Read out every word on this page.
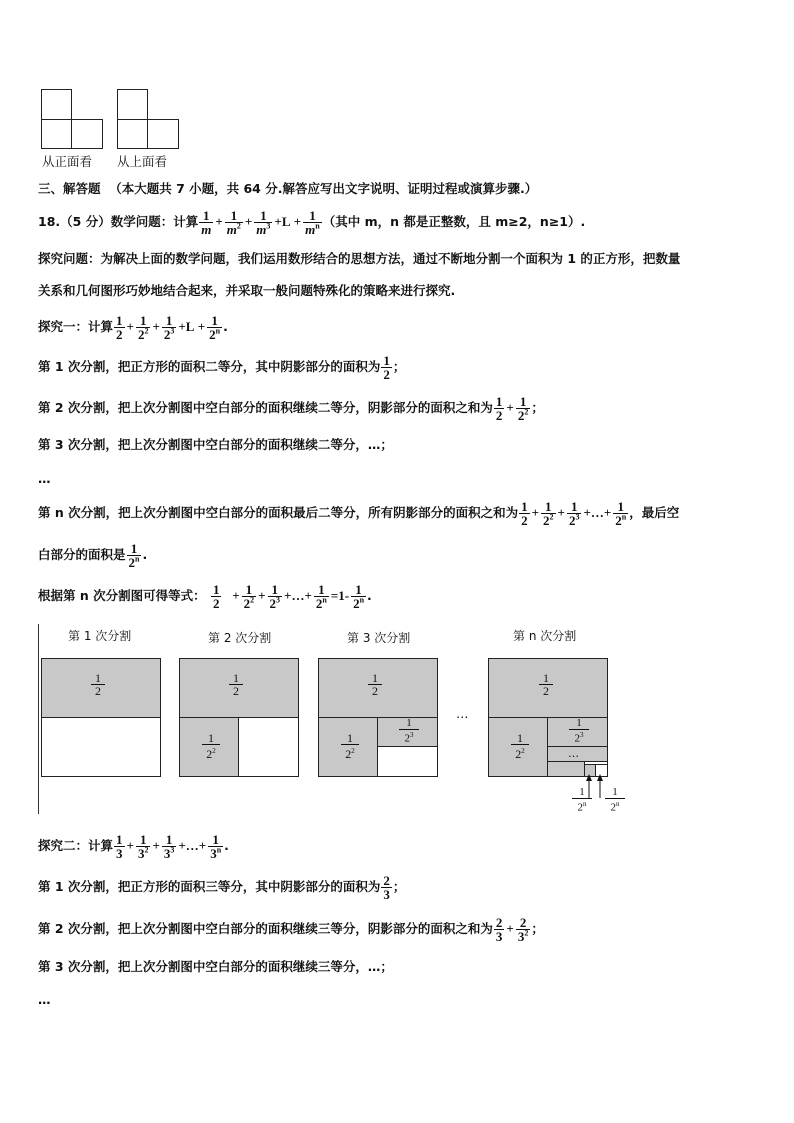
从正面看 从上面看
三、解答题 （本大题共 7 小题，共 64 分.解答应写出文字说明、证明过程或演算步骤.）
18.（5 分）数学问题：计算 1
$m + \frac{1}{m^2} + \frac{1}{m^3} +L + \frac{1}{m^n}$ （其中 m，n 都是正整数，且 m≥2，n≥1）.
探究问题：为解决上面的数学问题，我们运用数形结合的思想方法，通过不断地分割一个面积为 1 的正方形，把数量
关系和几何图形巧妙地结合起来，并采取一般问题特殊化的策略来进行探究.
探究一：计算 1
$2 + \frac{1}{2^2} + \frac{1}{2^3} +L + \frac{1}{2^n}$ .
第 1 次分割，把正方形的面积二等分，其中阴影部分的面积为 1
2 ；
第 2 次分割，把上次分割图中空白部分的面积继续二等分，阴影部分的面积之和为 1
$2 + \frac{1}{2^2}$ ；
第 3 次分割，把上次分割图中空白部分的面积继续二等分，…；
…
第 n 次分割，把上次分割图中空白部分的面积最后二等分，所有阴影部分的面积之和为 1
$2 + \frac{1}{2^2} + \frac{1}{2^3}$ +…+ $\frac{1}{2^n}$ ，最后空
白部分的面积是 1
2$^n$ .
根据第 n 次分割图可得等式：
1
2
+ $\frac{1}{2^2} + \frac{1}{2^3}$ +…+ $\frac{1}{2^n} =1-$ 1
2$^n$ .
第 1 次分割	第 2 次分割	第 3 次分割	第 n 次分割
1
2
1
2
1
$2^2$
1
2
1
$2^2$
1
$2^3$
…
1
2
1
$2^2$
1
$2^3$
…
1
2$^n$
1
2$^n$
探究二：计算 1
$3 + \frac{1}{3^2} + \frac{1}{3^3}$ +…+ $\frac{1}{3^n}$ .
第 1 次分割，把正方形的面积三等分，其中阴影部分的面积为 2
3 ；
第 2 次分割，把上次分割图中空白部分的面积继续三等分，阴影部分的面积之和为 2
$3 + \frac{2}{3^2}$ ；
第 3 次分割，把上次分割图中空白部分的面积继续三等分，…；
…
